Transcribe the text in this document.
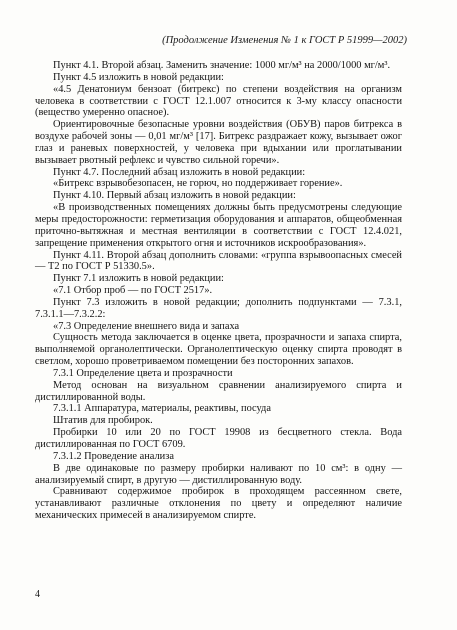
(Продолжение Изменения № 1 к ГОСТ Р 51999—2002)

Пункт 4.1. Второй абзац. Заменить значение: 1000 мг/м³ на 2000/1000 мг/м³.

Пункт 4.5 изложить в новой редакции:

«4.5 Денатониум бензоат (битрекс) по степени воздействия на организм человека в соответствии с ГОСТ 12.1.007 относится к 3-му классу опасности (вещество умеренно опасное).

Ориентировочные безопасные уровни воздействия (ОБУВ) паров битрекса в воздухе рабочей зоны — 0,01 мг/м³ [17]. Битрекс раздражает кожу, вызывает ожог глаз и раневых поверхностей, у человека при вдыхании или проглатывании вызывает рвотный рефлекс и чувство сильной горечи».

Пункт 4.7. Последний абзац изложить в новой редакции:

«Битрекс взрывобезопасен, не горюч, но поддерживает горение».

Пункт 4.10. Первый абзац изложить в новой редакции:

«В производственных помещениях должны быть предусмотрены следующие меры предосторожности: герметизация оборудования и аппаратов, общеобменная приточно-вытяжная и местная вентиляции в соответствии с ГОСТ 12.4.021, запрещение применения открытого огня и источников искрообразования».

Пункт 4.11. Второй абзац дополнить словами: «группа взрывоопасных смесей — Т2 по ГОСТ Р 51330.5».

Пункт 7.1 изложить в новой редакции:

«7.1 Отбор проб — по ГОСТ 2517».

Пункт 7.3 изложить в новой редакции; дополнить подпунктами — 7.3.1, 7.3.1.1—7.3.2.2:

«7.3 Определение внешнего вида и запаха

Сущность метода заключается в оценке цвета, прозрачности и запаха спирта, выполняемой органолептически. Органолептическую оценку спирта проводят в светлом, хорошо проветриваемом помещении без посторонних запахов.

7.3.1 Определение цвета и прозрачности

Метод основан на визуальном сравнении анализируемого спирта и дистиллированной воды.

7.3.1.1 Аппаратура, материалы, реактивы, посуда

Штатив для пробирок.

Пробирки 10 или 20 по ГОСТ 19908 из бесцветного стекла. Вода дистиллированная по ГОСТ 6709.

7.3.1.2 Проведение анализа

В две одинаковые по размеру пробирки наливают по 10 см³: в одну — анализируемый спирт, в другую — дистиллированную воду.

Сравнивают содержимое пробирок в проходящем рассеянном свете, устанавливают различные отклонения по цвету и определяют наличие механических примесей в анализируемом спирте.

4
